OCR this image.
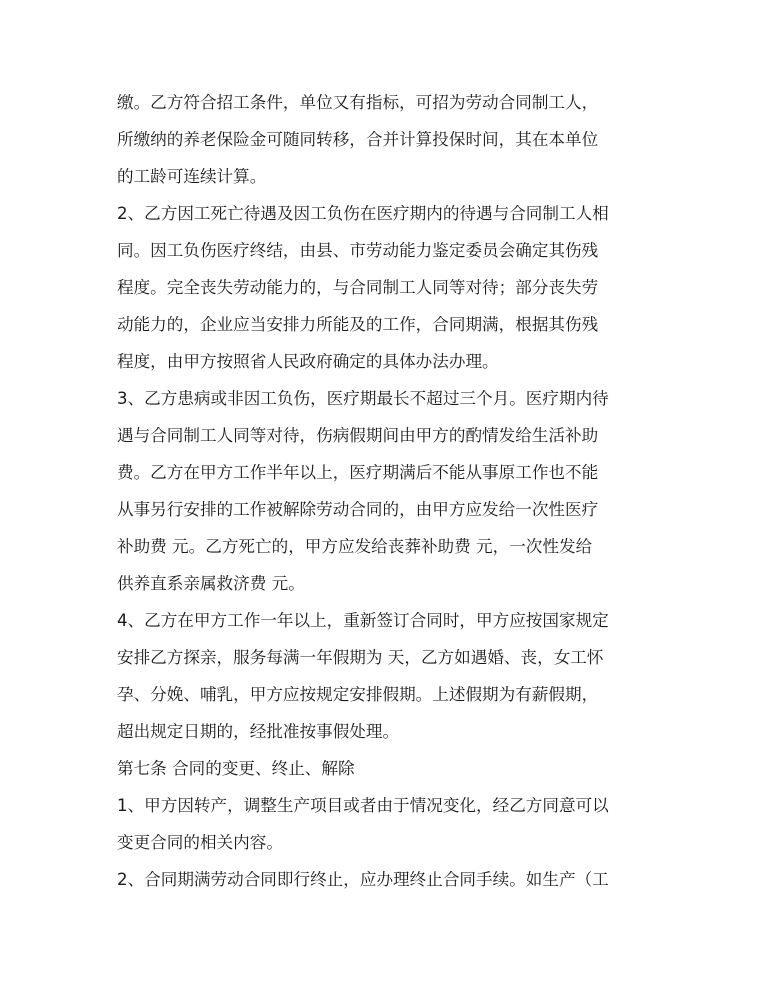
缴。乙方符合招工条件，单位又有指标，可招为劳动合同制工人，
所缴纳的养老保险金可随同转移，合并计算投保时间，其在本单位
的工龄可连续计算。
2、乙方因工死亡待遇及因工负伤在医疗期内的待遇与合同制工人相
同。因工负伤医疗终结，由县、市劳动能力鉴定委员会确定其伤残
程度。完全丧失劳动能力的，与合同制工人同等对待；部分丧失劳
动能力的，企业应当安排力所能及的工作，合同期满，根据其伤残
程度，由甲方按照省人民政府确定的具体办法办理。
3、乙方患病或非因工负伤，医疗期最长不超过三个月。医疗期内待
遇与合同制工人同等对待，伤病假期间由甲方的酌情发给生活补助
费。乙方在甲方工作半年以上，医疗期满后不能从事原工作也不能
从事另行安排的工作被解除劳动合同的，由甲方应发给一次性医疗
补助费 元。乙方死亡的，甲方应发给丧葬补助费 元，一次性发给
供养直系亲属救济费 元。
4、乙方在甲方工作一年以上，重新签订合同时，甲方应按国家规定
安排乙方探亲，服务每满一年假期为 天，乙方如遇婚、丧，女工怀
孕、分娩、哺乳，甲方应按规定安排假期。上述假期为有薪假期，
超出规定日期的，经批准按事假处理。
第七条 合同的变更、终止、解除
1、甲方因转产，调整生产项目或者由于情况变化，经乙方同意可以
变更合同的相关内容。
2、合同期满劳动合同即行终止，应办理终止合同手续。如生产（工
